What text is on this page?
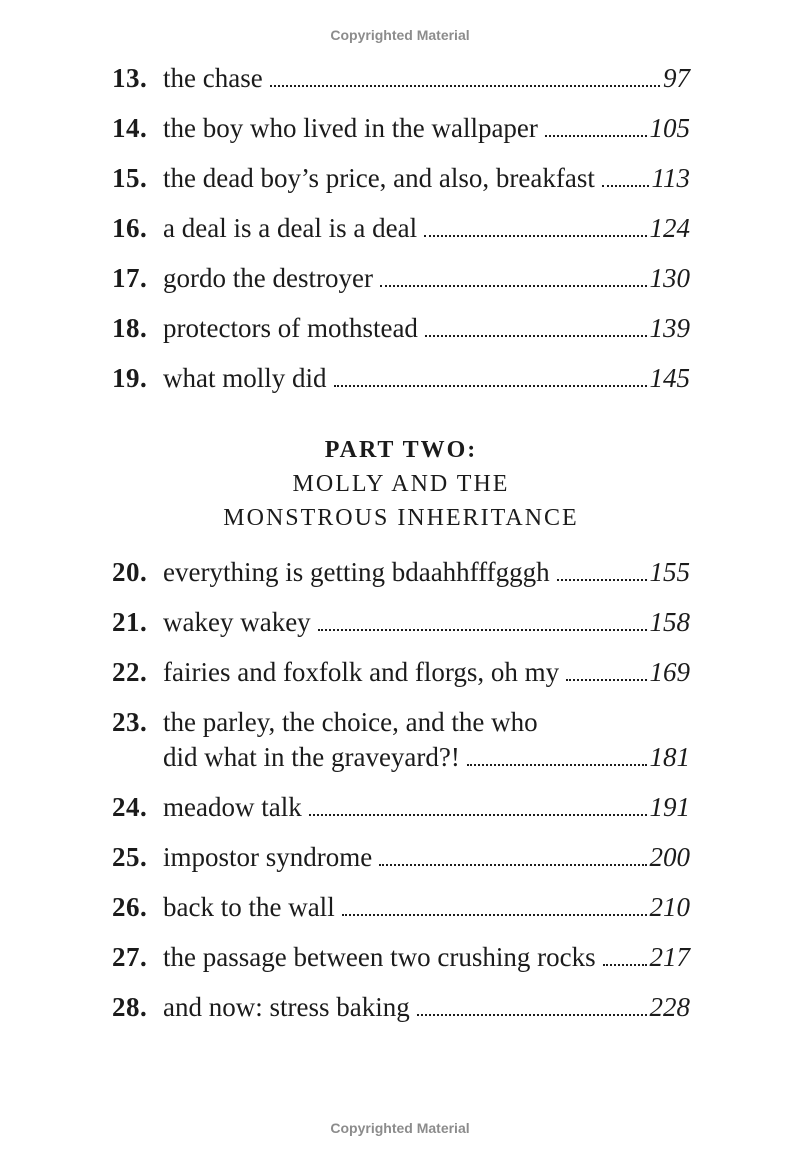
Copyrighted Material
13. the chase	97
14. the boy who lived in the wallpaper	105
15. the dead boy’s price, and also, breakfast 113
16. a deal is a deal is a deal	124
17. gordo the destroyer	130
18. protectors of mothstead	139
19. what molly did	145
PART TWO:
MOLLY AND THE
MONSTROUS INHERITANCE
20. everything is getting bdaahhfffgggh	155
21. wakey wakey	158
22. fairies and foxfolk and florgs, oh my	169
23. the parley, the choice, and the who
did what in the graveyard?!	181
24. meadow talk	191
25. impostor syndrome	200
26. back to the wall	210
27. the passage between two crushing rocks 217
28. and now: stress baking	228
Copyrighted Material
